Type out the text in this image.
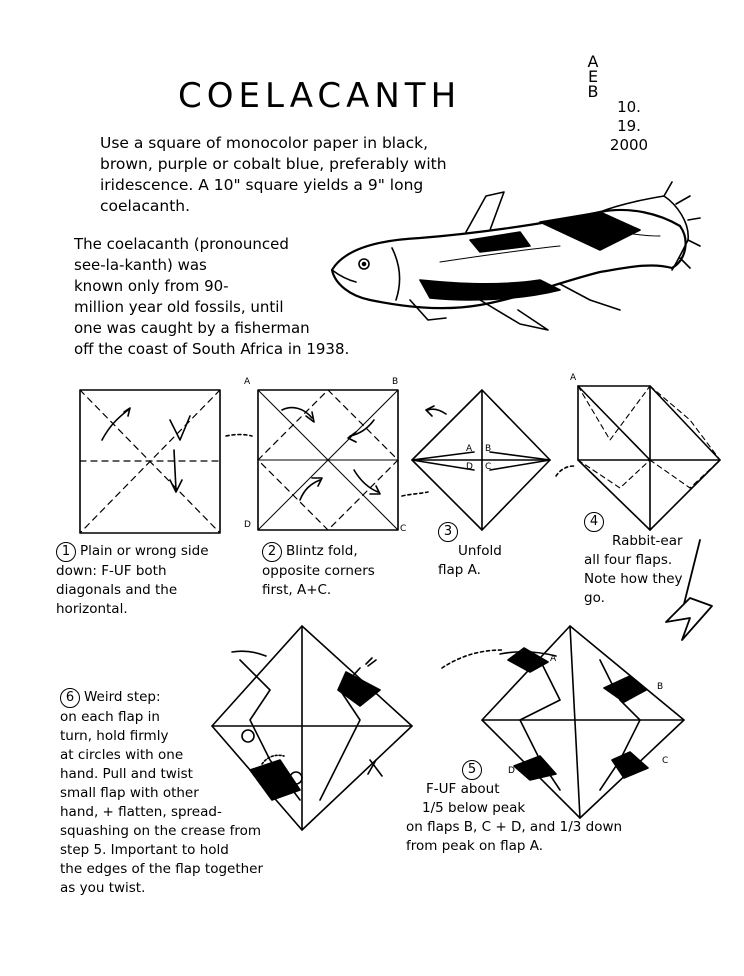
COELACANTH
A
E
B
10.
19.
2000
Use a square of monocolor paper in black,
brown, purple or cobalt blue, preferably with
iridescence. A 10" square yields a 9" long
coelacanth.
The coelacanth (pronounced
see-la-kanth) was
known only from 90-
million year old fossils, until
one was caught by a fisherman
off the coast of South Africa in 1938.
A	B
C
D
A B
D C
A
A
B
C
D
1 Plain or wrong side
down: F-UF both
diagonals and the
horizontal.
2 Blintz fold,
opposite corners
first, A+C.
3
Unfold
flap A.
4
Rabbit-ear
all four flaps.
Note how they
go.
6 Weird step:
on each flap in
turn, hold firmly
at circles with one
hand. Pull and twist
small flap with other
hand, + flatten, spread-
squashing on the crease from
step 5. Important to hold
the edges of the flap together
as you twist.
5
F-UF about
1/5 below peak
on flaps B, C + D, and 1/3 down
from peak on flap A.
